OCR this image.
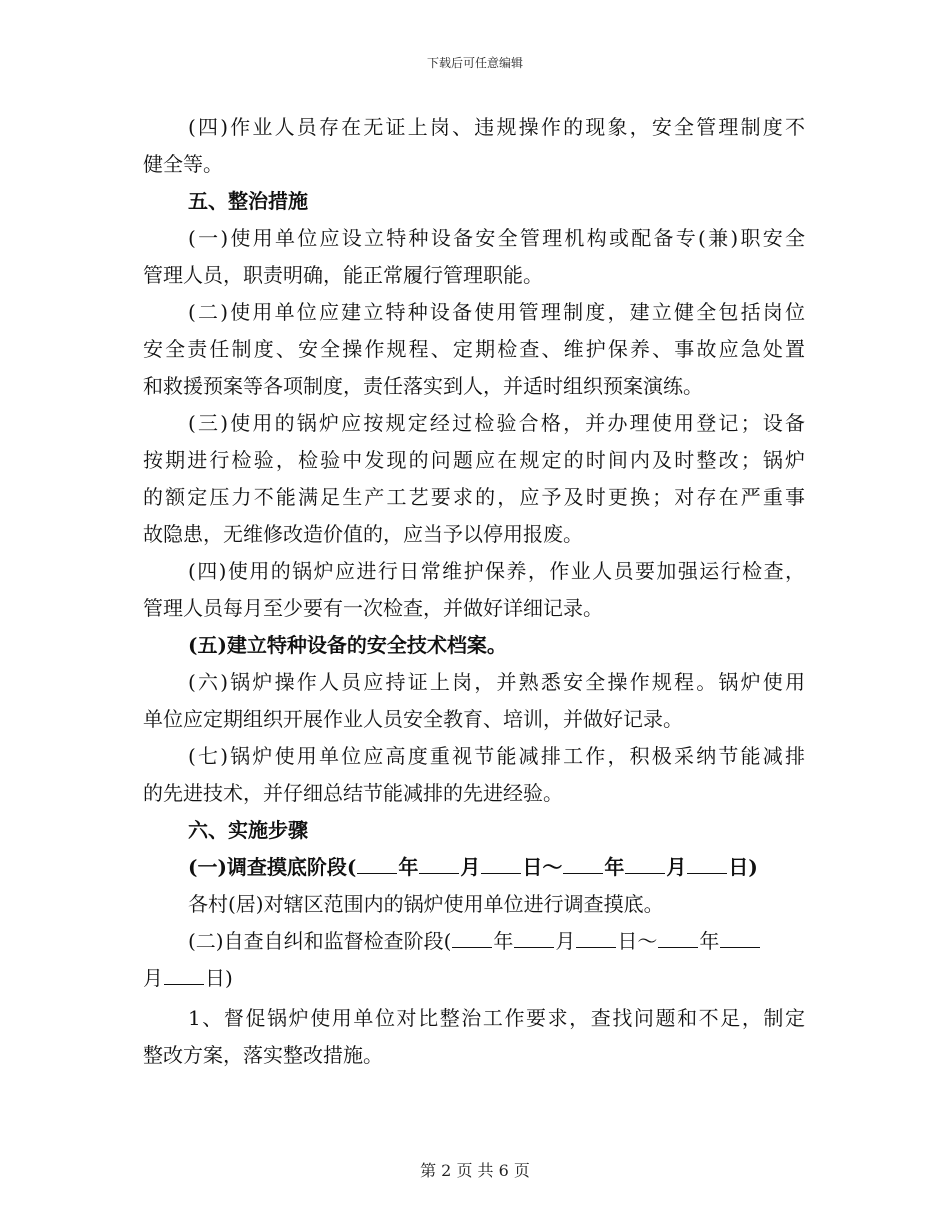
下载后可任意编辑
(四)作业人员存在无证上岗、违规操作的现象，安全管理制度不
健全等。
五、整治措施
(一)使用单位应设立特种设备安全管理机构或配备专(兼)职安全
管理人员，职责明确，能正常履行管理职能。
(二)使用单位应建立特种设备使用管理制度，建立健全包括岗位
安全责任制度、安全操作规程、定期检查、维护保养、事故应急处置
和救援预案等各项制度，责任落实到人，并适时组织预案演练。
(三)使用的锅炉应按规定经过检验合格，并办理使用登记；设备
按期进行检验，检验中发现的问题应在规定的时间内及时整改；锅炉
的额定压力不能满足生产工艺要求的，应予及时更换；对存在严重事
故隐患，无维修改造价值的，应当予以停用报废。
(四)使用的锅炉应进行日常维护保养，作业人员要加强运行检查，
管理人员每月至少要有一次检查，并做好详细记录。
(五)建立特种设备的安全技术档案。
(六)锅炉操作人员应持证上岗，并熟悉安全操作规程。锅炉使用
单位应定期组织开展作业人员安全教育、培训，并做好记录。
(七)锅炉使用单位应高度重视节能减排工作，积极采纳节能减排
的先进技术，并仔细总结节能减排的先进经验。
六、实施步骤
(一)调查摸底阶段( 年 月 日～ 年 月 日)
各村(居)对辖区范围内的锅炉使用单位进行调查摸底。
(二)自查自纠和监督检查阶段( 年 月 日～ 年
月 日)
1、督促锅炉使用单位对比整治工作要求，查找问题和不足，制定
整改方案，落实整改措施。
第 2 页 共 6 页
